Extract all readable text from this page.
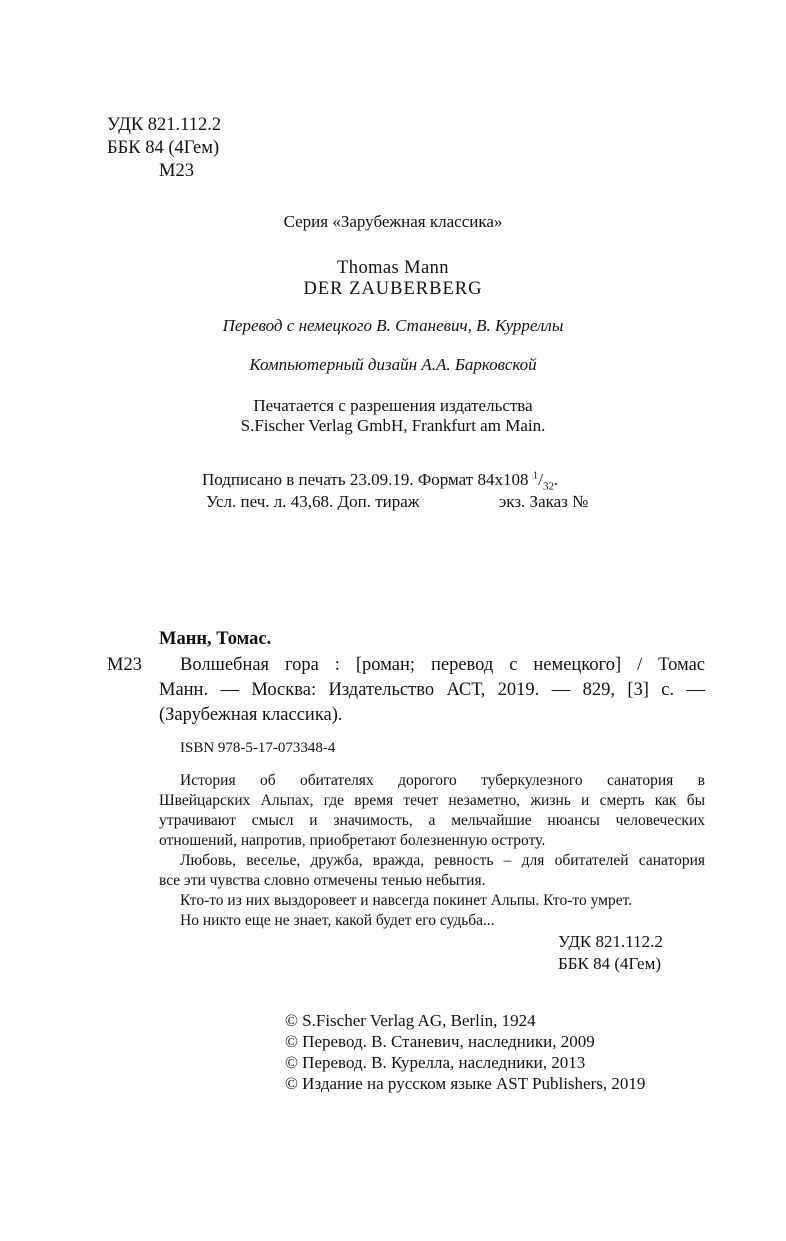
УДК 821.112.2
ББК 84 (4Гем)
М23
Серия «Зарубежная классика»
Thomas Mann
DER ZAUBERBERG
Перевод с немецкого В. Станевич, В. Курреллы
Компьютерный дизайн А.А. Барковской
Печатается с разрешения издательства
S.Fischer Verlag GmbH, Frankfurt am Main.
Подписано в печать 23.09.19. Формат 84x108 $^1/_{32}$.
Усл. печ. л. 43,68. Доп. тираж	экз. Заказ №
Манн, Томас.
М23 Волшебная гора : [роман; перевод с немецкого] / Томас
Манн. — Москва: Издательство АСТ, 2019. — 829, [3] с. —
(Зарубежная классика).
ISBN 978-5-17-073348-4
История об обитателях дорогого туберкулезного санатория в
Швейцарских Альпах, где время течет незаметно, жизнь и смерть как бы
утрачивают смысл и значимость, а мельчайшие нюансы человеческих
отношений, напротив, приобретают болезненную остроту.
Любовь, веселье, дружба, вражда, ревность – для обитателей санатория
все эти чувства словно отмечены тенью небытия.
Кто-то из них выздоровеет и навсегда покинет Альпы. Кто-то умрет.
Но никто еще не знает, какой будет его судьба...
УДК 821.112.2
ББК 84 (4Гем)
© S.Fischer Verlag AG, Berlin, 1924
© Перевод. В. Станевич, наследники, 2009
© Перевод. В. Курелла, наследники, 2013
© Издание на русском языке AST Publishers, 2019
